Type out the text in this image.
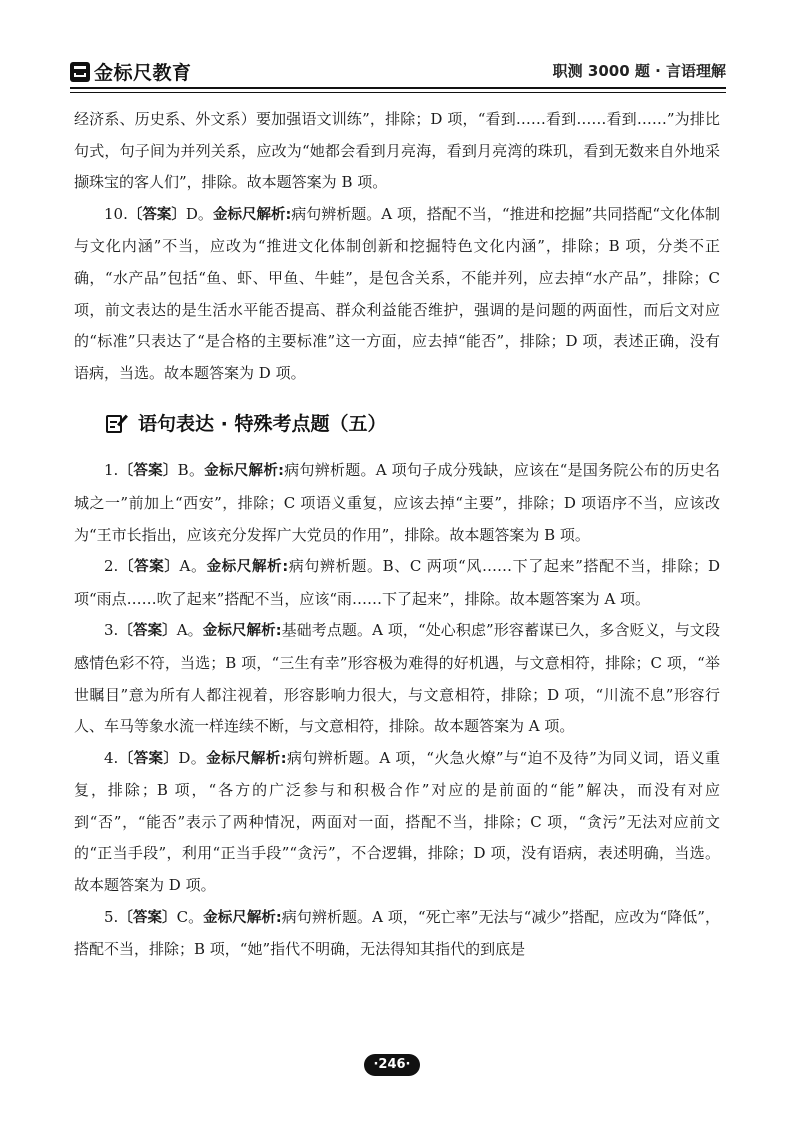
金标尺教育	职测 3000 题 · 言语理解

经济系、历史系、外文系）要加强语文训练”，排除；D 项，“看到……看到……看到……”为排比句式，句子间为并列关系，应改为“她都会看到月亮海，看到月亮湾的珠玑，看到无数来自外地采撷珠宝的客人们”，排除。故本题答案为 B 项。

10.〔答案〕D。金标尺解析:病句辨析题。A 项，搭配不当，“推进和挖掘”共同搭配“文化体制与文化内涵”不当，应改为“推进文化体制创新和挖掘特色文化内涵”，排除；B 项，分类不正确，“水产品”包括“鱼、虾、甲鱼、牛蛙”，是包含关系，不能并列，应去掉“水产品”，排除；C 项，前文表达的是生活水平能否提高、群众利益能否维护，强调的是问题的两面性，而后文对应的“标准”只表达了“是合格的主要标准”这一方面，应去掉“能否”，排除；D 项，表述正确，没有语病，当选。故本题答案为 D 项。

语句表达 · 特殊考点题（五）

1.〔答案〕B。金标尺解析:病句辨析题。A 项句子成分残缺，应该在“是国务院公布的历史名城之一”前加上“西安”，排除；C 项语义重复，应该去掉“主要”，排除；D 项语序不当，应该改为“王市长指出，应该充分发挥广大党员的作用”，排除。故本题答案为 B 项。

2.〔答案〕A。金标尺解析:病句辨析题。B、C 两项“风……下了起来”搭配不当，排除；D 项“雨点……吹了起来”搭配不当，应该“雨……下了起来”，排除。故本题答案为 A 项。

3.〔答案〕A。金标尺解析:基础考点题。A 项，“处心积虑”形容蓄谋已久，多含贬义，与文段感情色彩不符，当选；B 项，“三生有幸”形容极为难得的好机遇，与文意相符，排除；C 项，“举世瞩目”意为所有人都注视着，形容影响力很大，与文意相符，排除；D 项，“川流不息”形容行人、车马等象水流一样连续不断，与文意相符，排除。故本题答案为 A 项。

4.〔答案〕D。金标尺解析:病句辨析题。A 项，“火急火燎”与“迫不及待”为同义词，语义重复，排除；B 项，“各方的广泛参与和积极合作”对应的是前面的“能”解决，而没有对应到“否”，“能否”表示了两种情况，两面对一面，搭配不当，排除；C 项，“贪污”无法对应前文的“正当手段”，利用“正当手段”“贪污”，不合逻辑，排除；D 项，没有语病，表述明确，当选。故本题答案为 D 项。

5.〔答案〕C。金标尺解析:病句辨析题。A 项，“死亡率”无法与“减少”搭配，应改为“降低”，搭配不当，排除；B 项，“她”指代不明确，无法得知其指代的到底是

·246·
